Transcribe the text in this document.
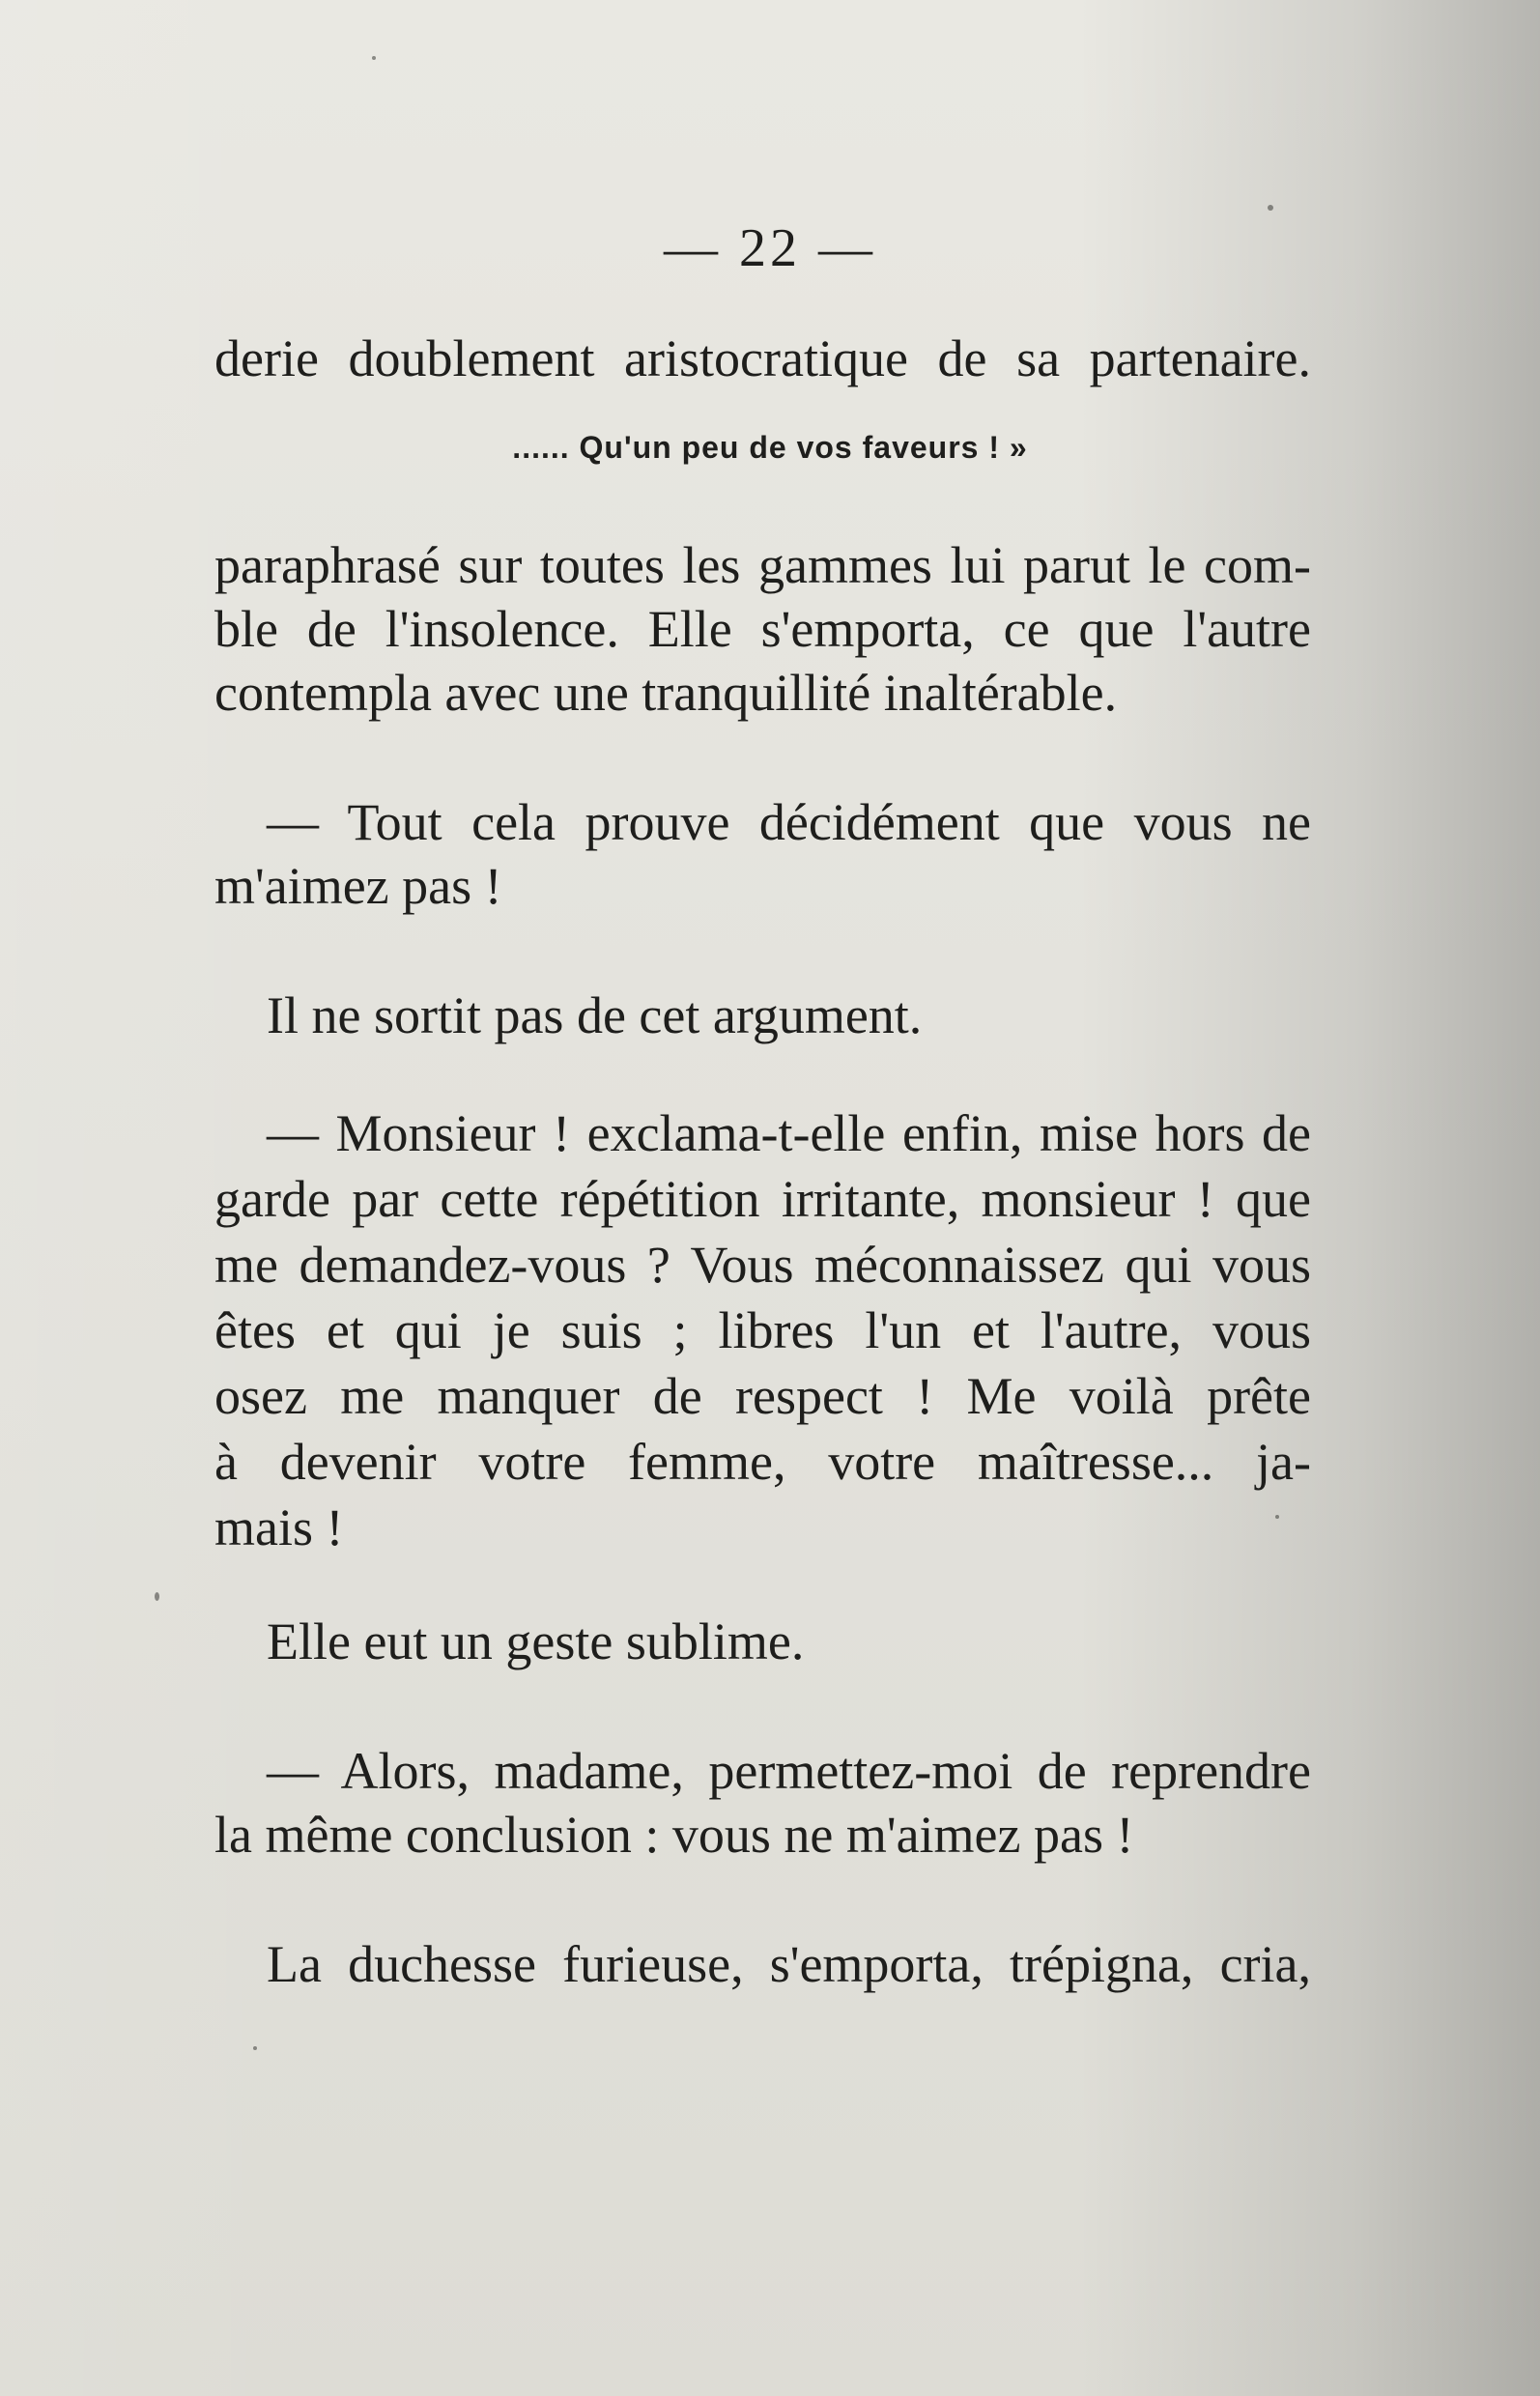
— 22 —
derie doublement aristocratique de sa partenaire.
...... Qu'un peu de vos faveurs ! »
paraphrasé sur toutes les gammes lui parut le com-
ble de l'insolence. Elle s'emporta, ce que l'autre
contempla avec une tranquillité inaltérable.
— Tout cela prouve décidément que vous ne
m'aimez pas !
Il ne sortit pas de cet argument.
— Monsieur ! exclama-t-elle enfin, mise hors de
garde par cette répétition irritante, monsieur ! que
me demandez-vous ? Vous méconnaissez qui vous
êtes et qui je suis ; libres l'un et l'autre, vous
osez me manquer de respect ! Me voilà prête
à devenir votre femme, votre maîtresse... ja-
mais !
Elle eut un geste sublime.
— Alors, madame, permettez-moi de reprendre
la même conclusion : vous ne m'aimez pas !
La duchesse furieuse, s'emporta, trépigna, cria,
